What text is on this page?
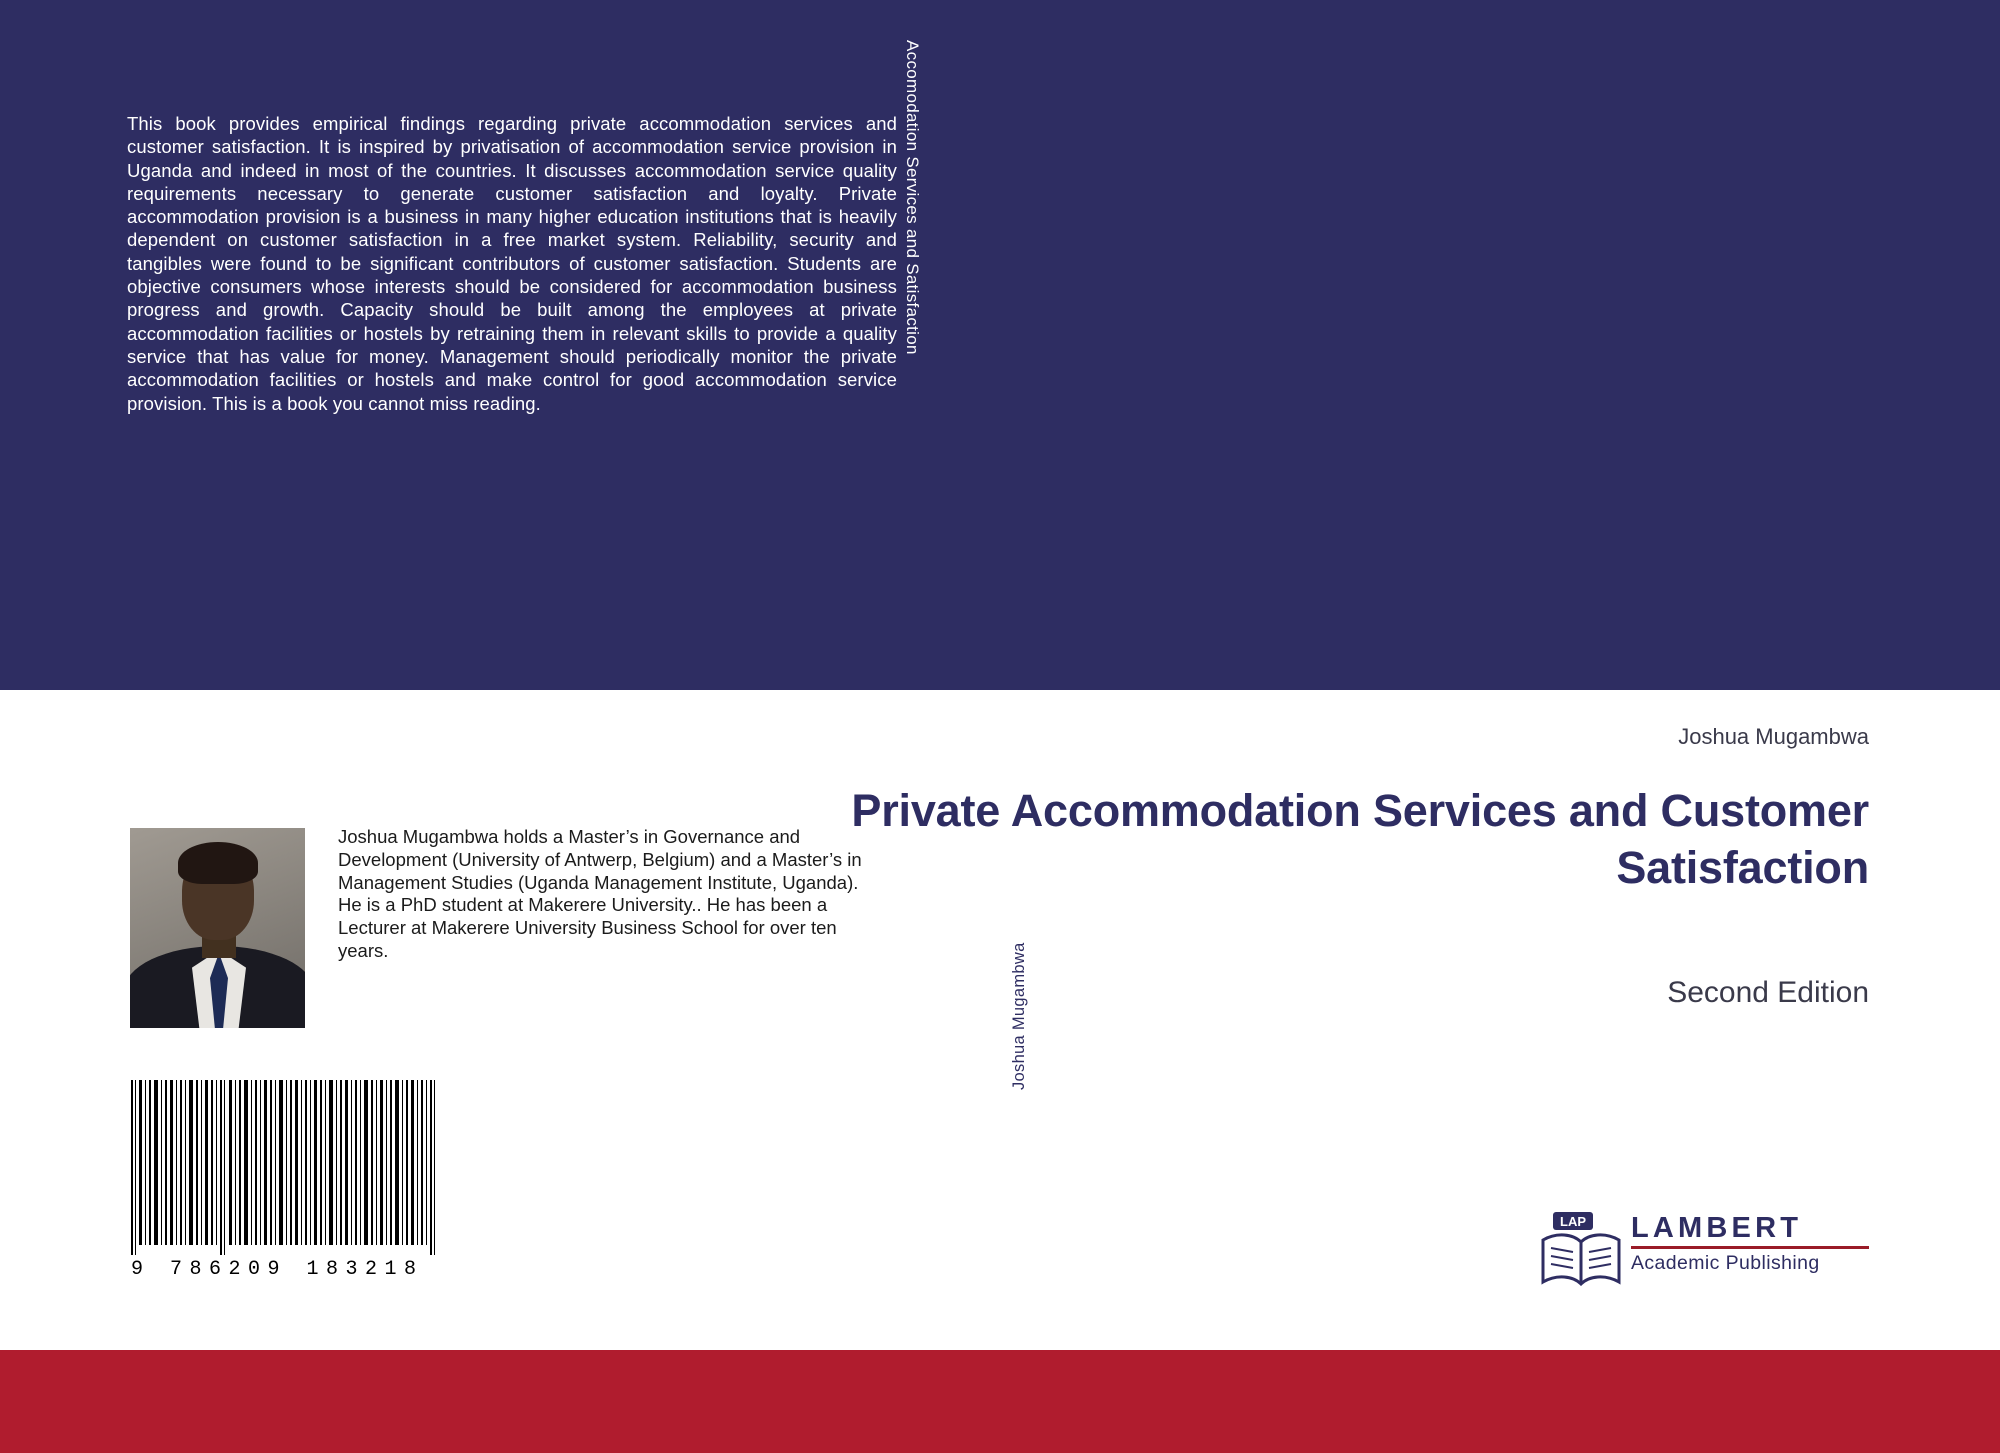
This book provides empirical findings regarding private accommodation services and customer satisfaction. It is inspired by privatisation of accommodation service provision in Uganda and indeed in most of the countries. It discusses accommodation service quality requirements necessary to generate customer satisfaction and loyalty. Private accommodation provision is a business in many higher education institutions that is heavily dependent on customer satisfaction in a free market system. Reliability, security and tangibles were found to be significant contributors of customer satisfaction. Students are objective consumers whose interests should be considered for accommodation business progress and growth. Capacity should be built among the employees at private accommodation facilities or hostels by retraining them in relevant skills to provide a quality service that has value for money. Management should periodically monitor the private accommodation facilities or hostels and make control for good accommodation service provision. This is a book you cannot miss reading.
Accomodation Services and Satisfaction
Joshua Mugambwa
Joshua Mugambwa holds a Master’s in Governance and Development (University of Antwerp, Belgium) and a Master’s in Management Studies (Uganda Management Institute, Uganda). He is a PhD student at Makerere University.. He has been a Lecturer at Makerere University Business School for over ten years.
9 786209 183218
Joshua Mugambwa
Private Accommodation Services and Customer Satisfaction
Second Edition
LAP LAMBERT
Academic Publishing
